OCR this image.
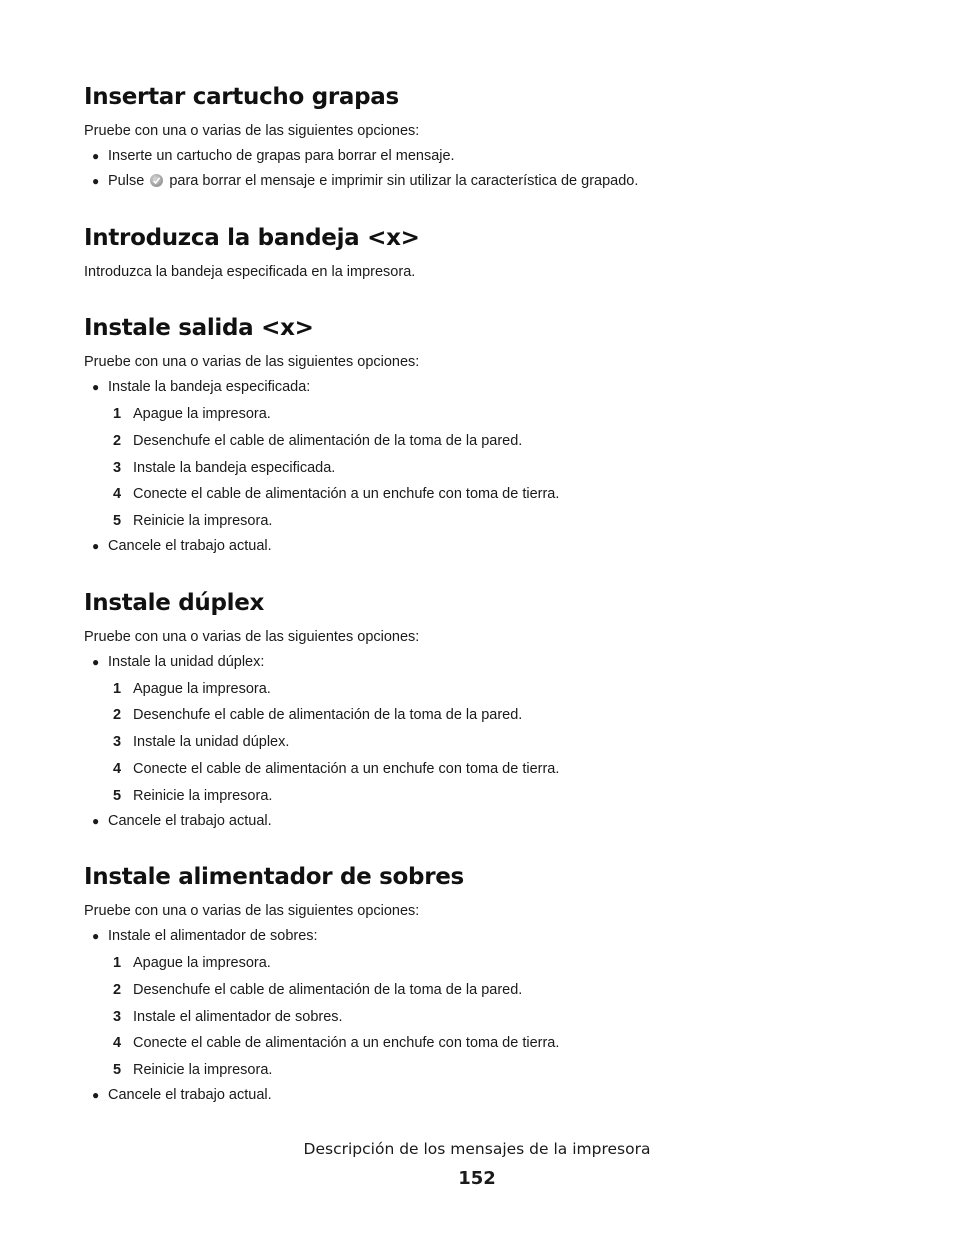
Insertar cartucho grapas

Pruebe con una o varias de las siguientes opciones:

● Inserte un cartucho de grapas para borrar el mensaje.
● Pulse para borrar el mensaje e imprimir sin utilizar la característica de grapado.
Introduzca la bandeja <x>

Introduzca la bandeja especificada en la impresora.

Instale salida <x>

Pruebe con una o varias de las siguientes opciones:

● Instale la bandeja especificada:
1 Apague la impresora.
2 Desenchufe el cable de alimentación de la toma de la pared.
3 Instale la bandeja especificada.
4 Conecte el cable de alimentación a un enchufe con toma de tierra.
5 Reinicie la impresora.
● Cancele el trabajo actual.
Instale dúplex

Pruebe con una o varias de las siguientes opciones:

● Instale la unidad dúplex:
1 Apague la impresora.
2 Desenchufe el cable de alimentación de la toma de la pared.
3 Instale la unidad dúplex.
4 Conecte el cable de alimentación a un enchufe con toma de tierra.
5 Reinicie la impresora.
● Cancele el trabajo actual.
Instale alimentador de sobres

Pruebe con una o varias de las siguientes opciones:

● Instale el alimentador de sobres:
1 Apague la impresora.
2 Desenchufe el cable de alimentación de la toma de la pared.
3 Instale el alimentador de sobres.
4 Conecte el cable de alimentación a un enchufe con toma de tierra.
5 Reinicie la impresora.
● Cancele el trabajo actual.
Descripción de los mensajes de la impresora
152
